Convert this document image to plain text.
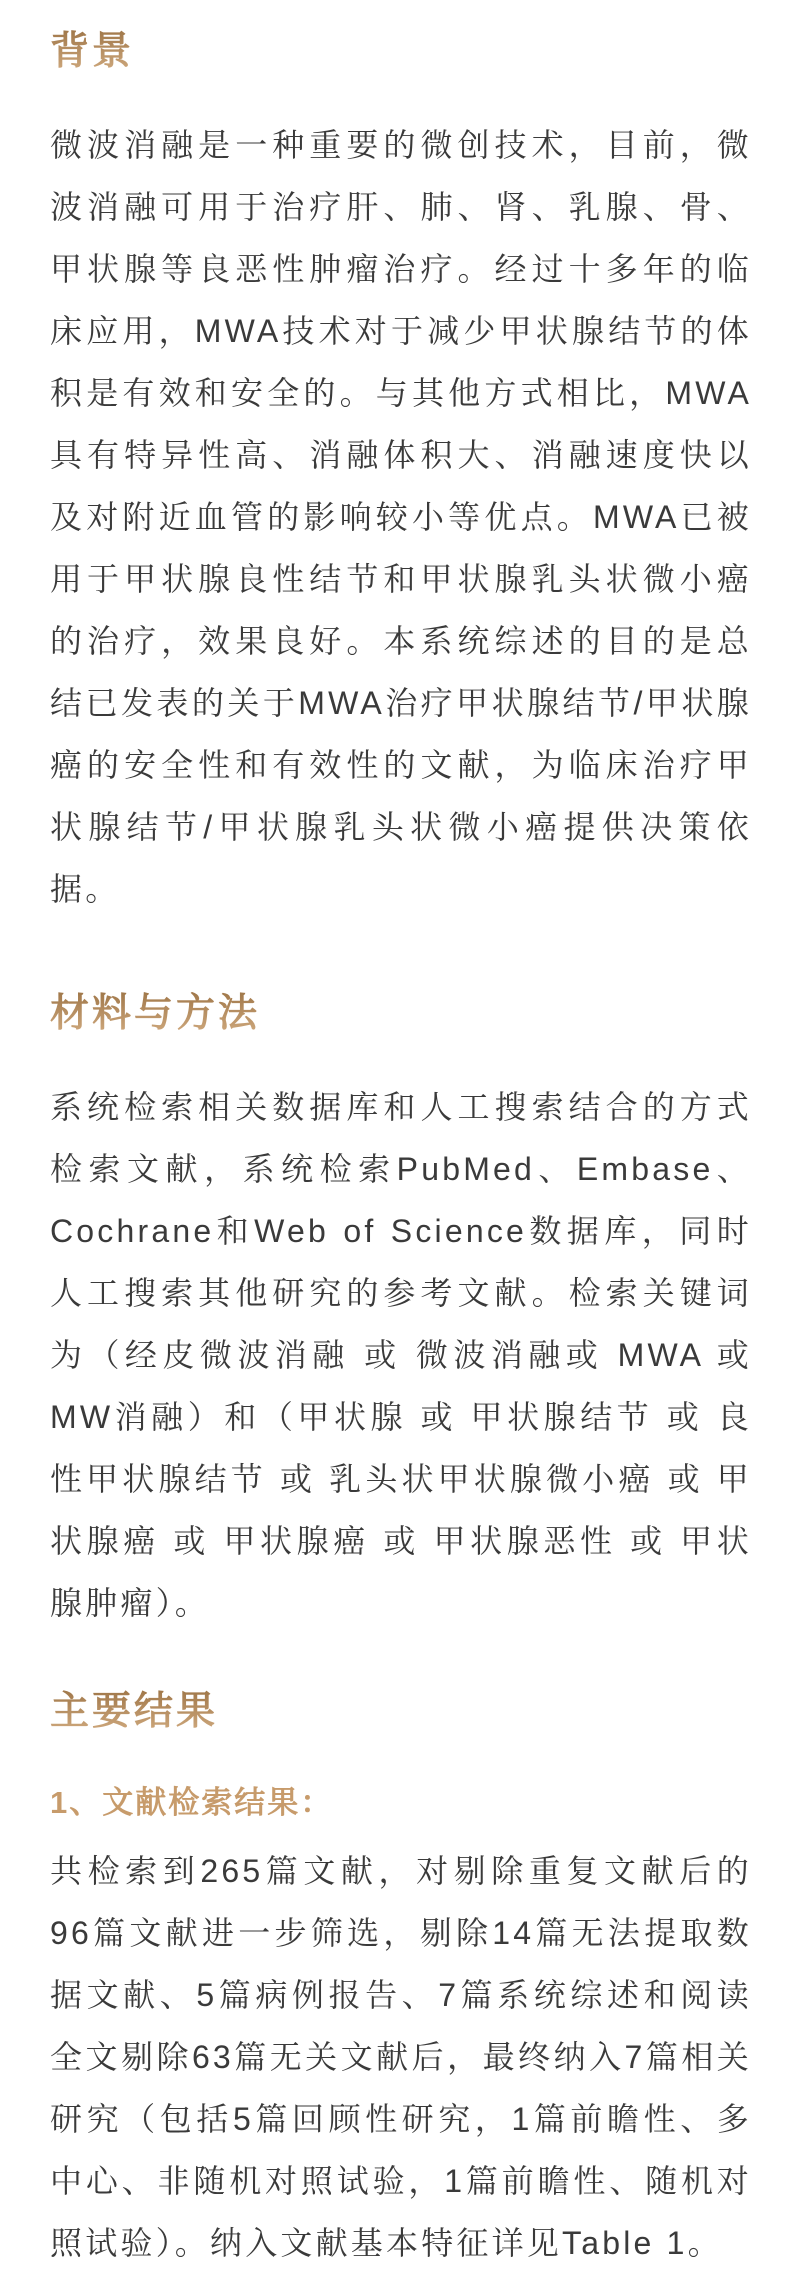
背景

微波消融是一种重要的微创技术，目前，微波消融可用于治疗肝、肺、肾、乳腺、骨、甲状腺等良恶性肿瘤治疗。经过十多年的临床应用，MWA技术对于减少甲状腺结节的体积是有效和安全的。与其他方式相比，MWA具有特异性高、消融体积大、消融速度快以及对附近血管的影响较小等优点。MWA已被用于甲状腺良性结节和甲状腺乳头状微小癌的治疗，效果良好。本系统综述的目的是总结已发表的关于MWA治疗甲状腺结节/甲状腺癌的安全性和有效性的文献，为临床治疗甲状腺结节/甲状腺乳头状微小癌提供决策依据。

材料与方法

系统检索相关数据库和人工搜索结合的方式检索文献，系统检索PubMed、Embase、Cochrane和Web of Science数据库，同时人工搜索其他研究的参考文献。检索关键词为（经皮微波消融 或 微波消融或 MWA 或 MW消融）和（甲状腺 或 甲状腺结节 或 良性甲状腺结节 或 乳头状甲状腺微小癌 或 甲状腺癌 或 甲状腺癌 或 甲状腺恶性 或 甲状腺肿瘤）。

主要结果
1、文献检索结果：

共检索到265篇文献，对剔除重复文献后的96篇文献进一步筛选，剔除14篇无法提取数据文献、5篇病例报告、7篇系统综述和阅读全文剔除63篇无关文献后，最终纳入7篇相关研究（包括5篇回顾性研究，1篇前瞻性、多中心、非随机对照试验，1篇前瞻性、随机对照试验）。纳入文献基本特征详见Table 1。
